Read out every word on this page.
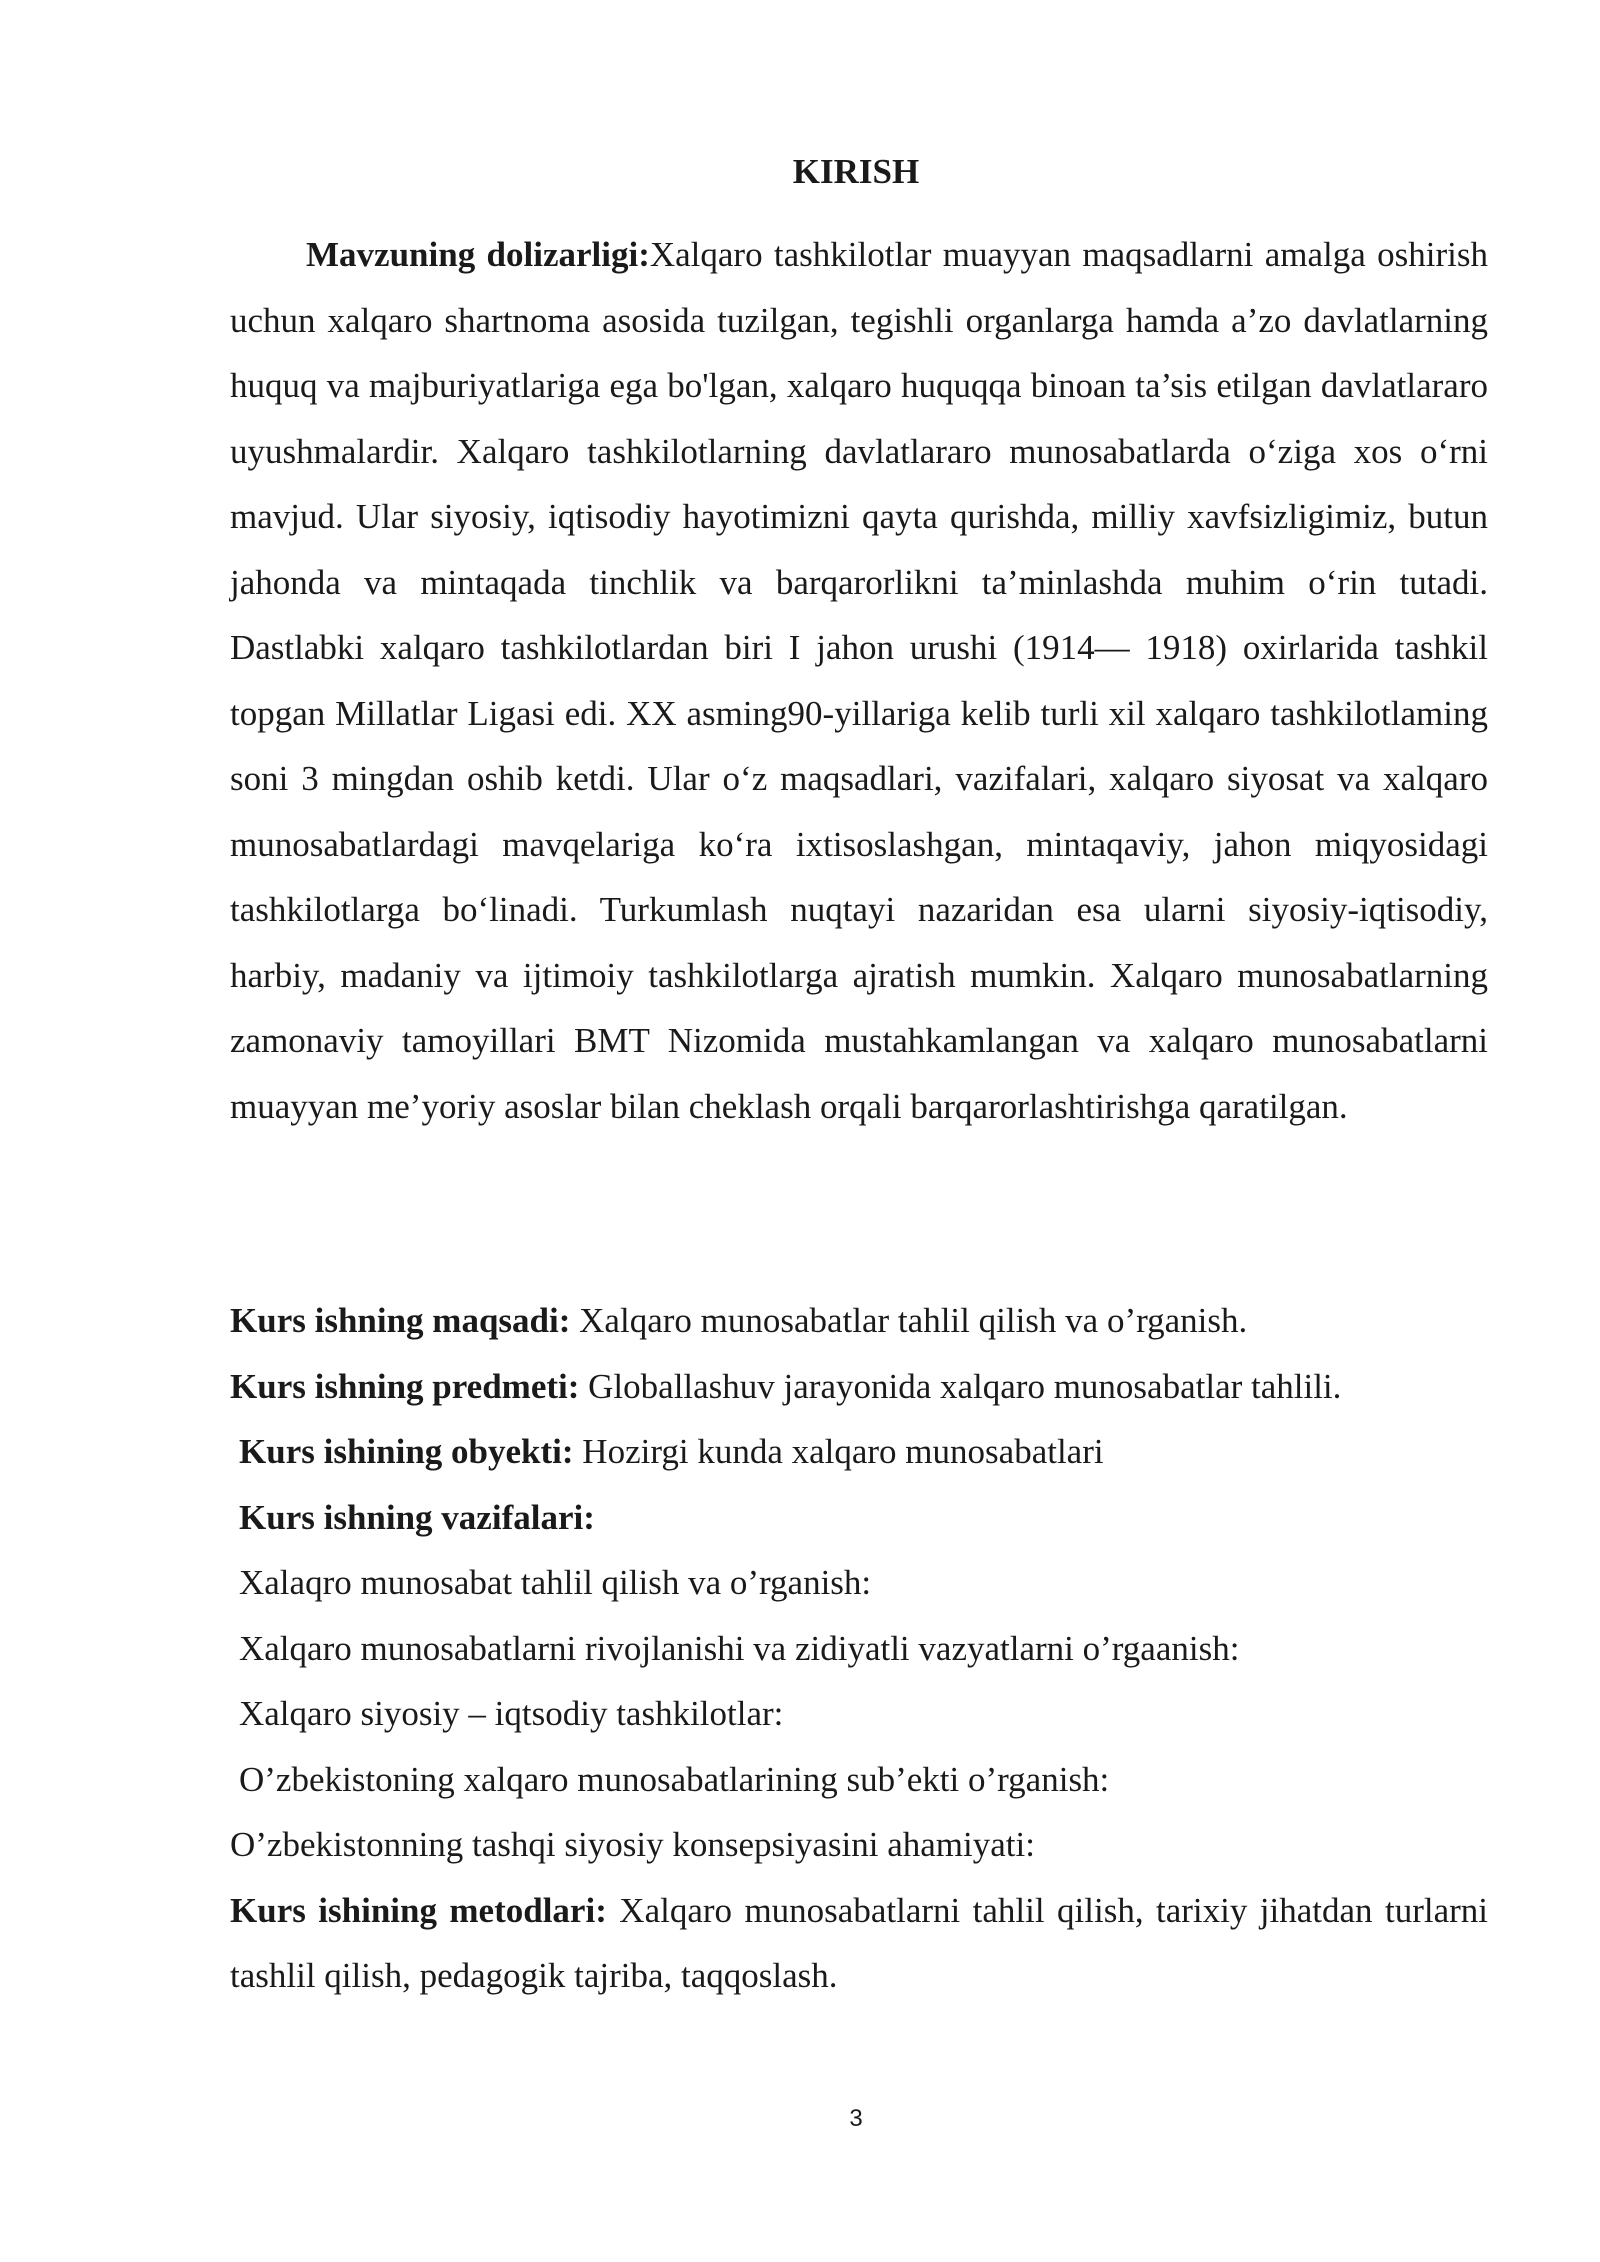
KIRISH

Mavzuning dolizarligi:Xalqaro tashkilotlar muayyan maqsadlarni amalga oshirish uchun xalqaro shartnoma asosida tuzilgan, tegishli organlarga hamda a’zo davlatlarning huquq va majburiyatlariga ega bo'lgan, xalqaro huquqqa binoan ta’sis etilgan davlatlararo uyushmalardir. Xalqaro tashkilotlarning davlatlararo munosabatlarda o‘ziga xos o‘rni mavjud. Ular siyosiy, iqtisodiy hayotimizni qayta qurishda, milliy xavfsizligimiz, butun jahonda va mintaqada tinchlik va barqarorlikni ta’minlashda muhim o‘rin tutadi. Dastlabki xalqaro tashkilotlardan biri I jahon urushi (1914— 1918) oxirlarida tashkil topgan Millatlar Ligasi edi. XX asming90-yillariga kelib turli xil xalqaro tashkilotlaming soni 3 mingdan oshib ketdi. Ular o‘z maqsadlari, vazifalari, xalqaro siyosat va xalqaro munosabatlardagi mavqelariga ko‘ra ixtisoslashgan, mintaqaviy, jahon miqyosidagi tashkilotlarga bo‘linadi. Turkumlash nuqtayi nazaridan esa ularni siyosiy-iqtisodiy, harbiy, madaniy va ijtimoiy tashkilotlarga ajratish mumkin. Xalqaro munosabatlarning zamonaviy tamoyillari BMT Nizomida mustahkamlangan va xalqaro munosabatlarni muayyan me’yoriy asoslar bilan cheklash orqali barqarorlashtirishga qaratilgan.

Kurs ishning maqsadi: Xalqaro munosabatlar tahlil qilish va o’rganish.
Kurs ishning predmeti: Globallashuv jarayonida xalqaro munosabatlar tahlili.
Kurs ishining obyekti: Hozirgi kunda xalqaro munosabatlari
Kurs ishning vazifalari:
Xalaqro munosabat tahlil qilish va o’rganish:
Xalqaro munosabatlarni rivojlanishi va zidiyatli vazyatlarni o’rgaanish:
Xalqaro siyosiy – iqtsodiy tashkilotlar:
O’zbekistoning xalqaro munosabatlarining sub’ekti o’rganish:
O’zbekistonning tashqi siyosiy konsepsiyasini ahamiyati:
Kurs ishining metodlari: Xalqaro munosabatlarni tahlil qilish, tarixiy jihatdan turlarni tashlil qilish, pedagogik tajriba, taqqoslash.
3
